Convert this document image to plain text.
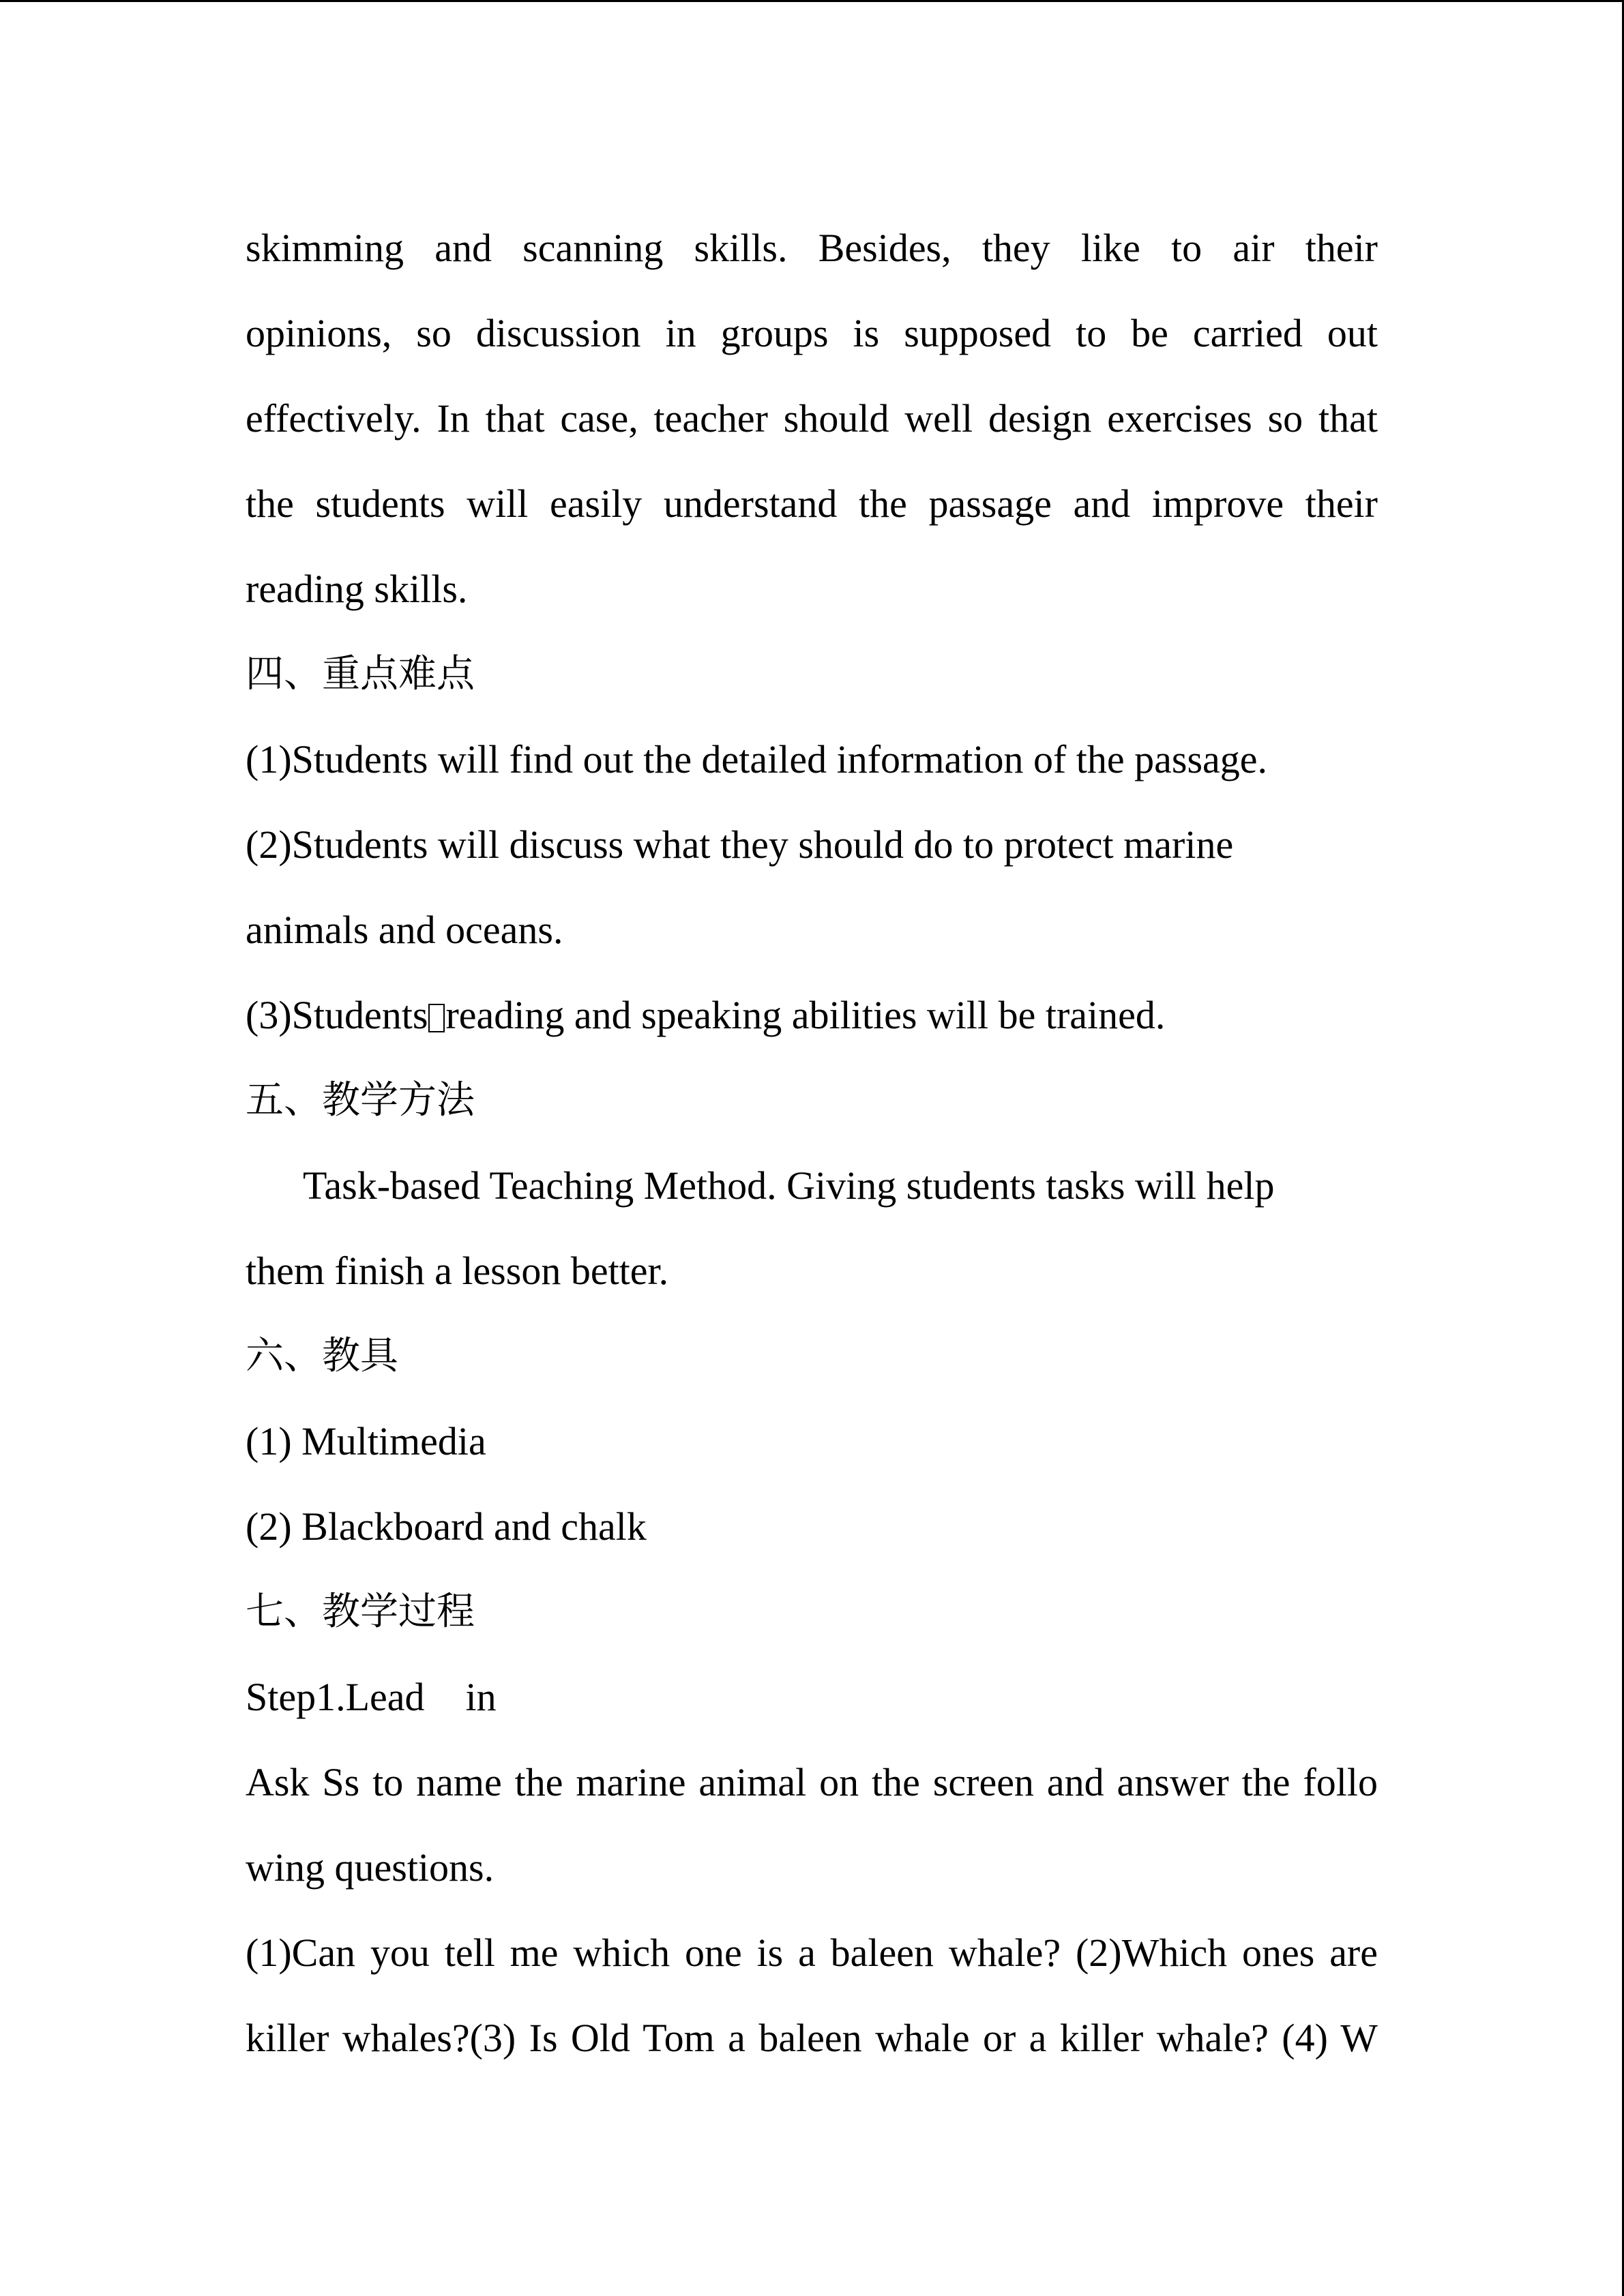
skimming and scanning skills. Besides, they like to air their
opinions, so discussion in groups is supposed to be carried out
effectively. In that case, teacher should well design exercises so that
the students will easily understand the passage and improve their
reading skills.
四、重点难点
(1)Students will find out the detailed information of the passage.
(2)Students will discuss what they should do to protect marine
animals and oceans.
(3)Students reading and speaking abilities will be trained.
五、教学方法
Task-based Teaching Method. Giving students tasks will help
them finish a lesson better.
六、教具
(1) Multimedia
(2) Blackboard and chalk
七、教学过程
Step1.Lead in
Ask Ss to name the marine animal on the screen and answer the follo
wing questions.
(1)Can you tell me which one is a baleen whale? (2)Which ones are
killer whales?(3) Is Old Tom a baleen whale or a killer whale? (4) W
